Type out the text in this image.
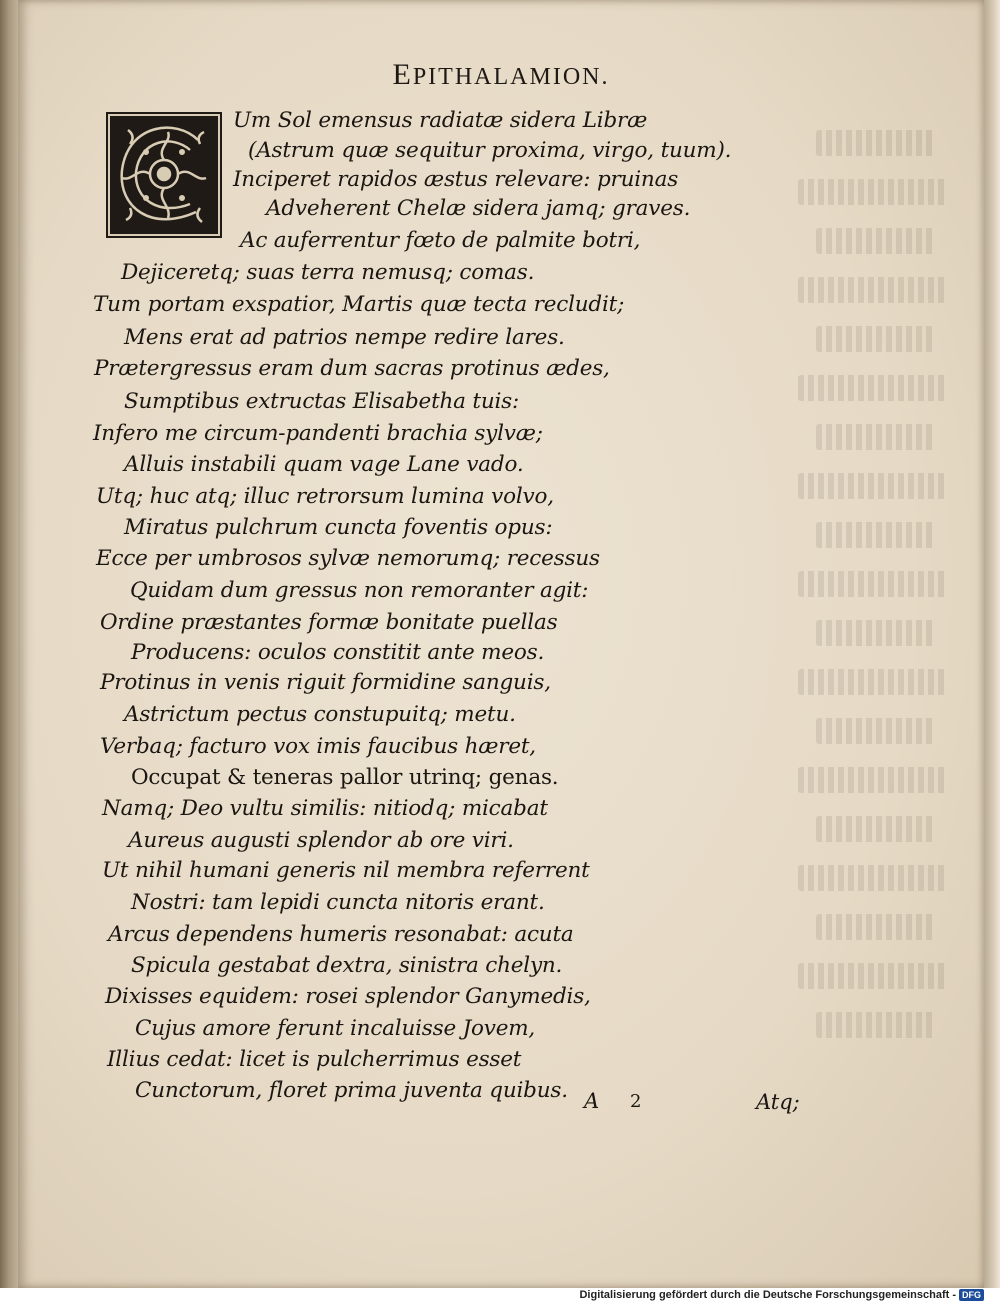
EPITHALAMION.
Um Sol emensus radiatæ sidera Libræ
(Astrum quæ sequitur proxima, virgo, tuum).
Inciperet rapidos æstus relevare: pruinas
Adveherent Chelæ sidera jamq; graves.
Ac auferrentur fœto de palmite botri,
Dejiceretq; suas terra nemusq; comas.
Tum portam exspatior, Martis quæ tecta recludit;
Mens erat ad patrios nempe redire lares.
Prætergressus eram dum sacras protinus ædes,
Sumptibus extructas Elisabetha tuis:
Infero me circum-pandenti brachia sylvæ;
Alluis instabili quam vage Lane vado.
Utq; huc atq; illuc retrorsum lumina volvo,
Miratus pulchrum cuncta foventis opus:
Ecce per umbrosos sylvæ nemorumq; recessus
Quidam dum gressus non remoranter agit:
Ordine præstantes formæ bonitate puellas
Producens: oculos constitit ante meos.
Protinus in venis riguit formidine sanguis,
Astrictum pectus constupuitq; metu.
Verbaq; facturo vox imis faucibus hæret,
Occupat & teneras pallor utrinq; genas.
Namq; Deo vultu similis: nitiodq; micabat
Aureus augusti splendor ab ore viri.
Ut nihil humani generis nil membra referrent
Nostri: tam lepidi cuncta nitoris erant.
Arcus dependens humeris resonabat: acuta
Spicula gestabat dextra, sinistra chelyn.
Dixisses equidem: rosei splendor Ganymedis,
Cujus amore ferunt incaluisse Jovem,
Illius cedat: licet is pulcherrimus esset
Cunctorum, floret prima juventa quibus. A 2	Atq;
Digitalisierung gefördert durch die Deutsche Forschungsgemeinschaft - DFG
